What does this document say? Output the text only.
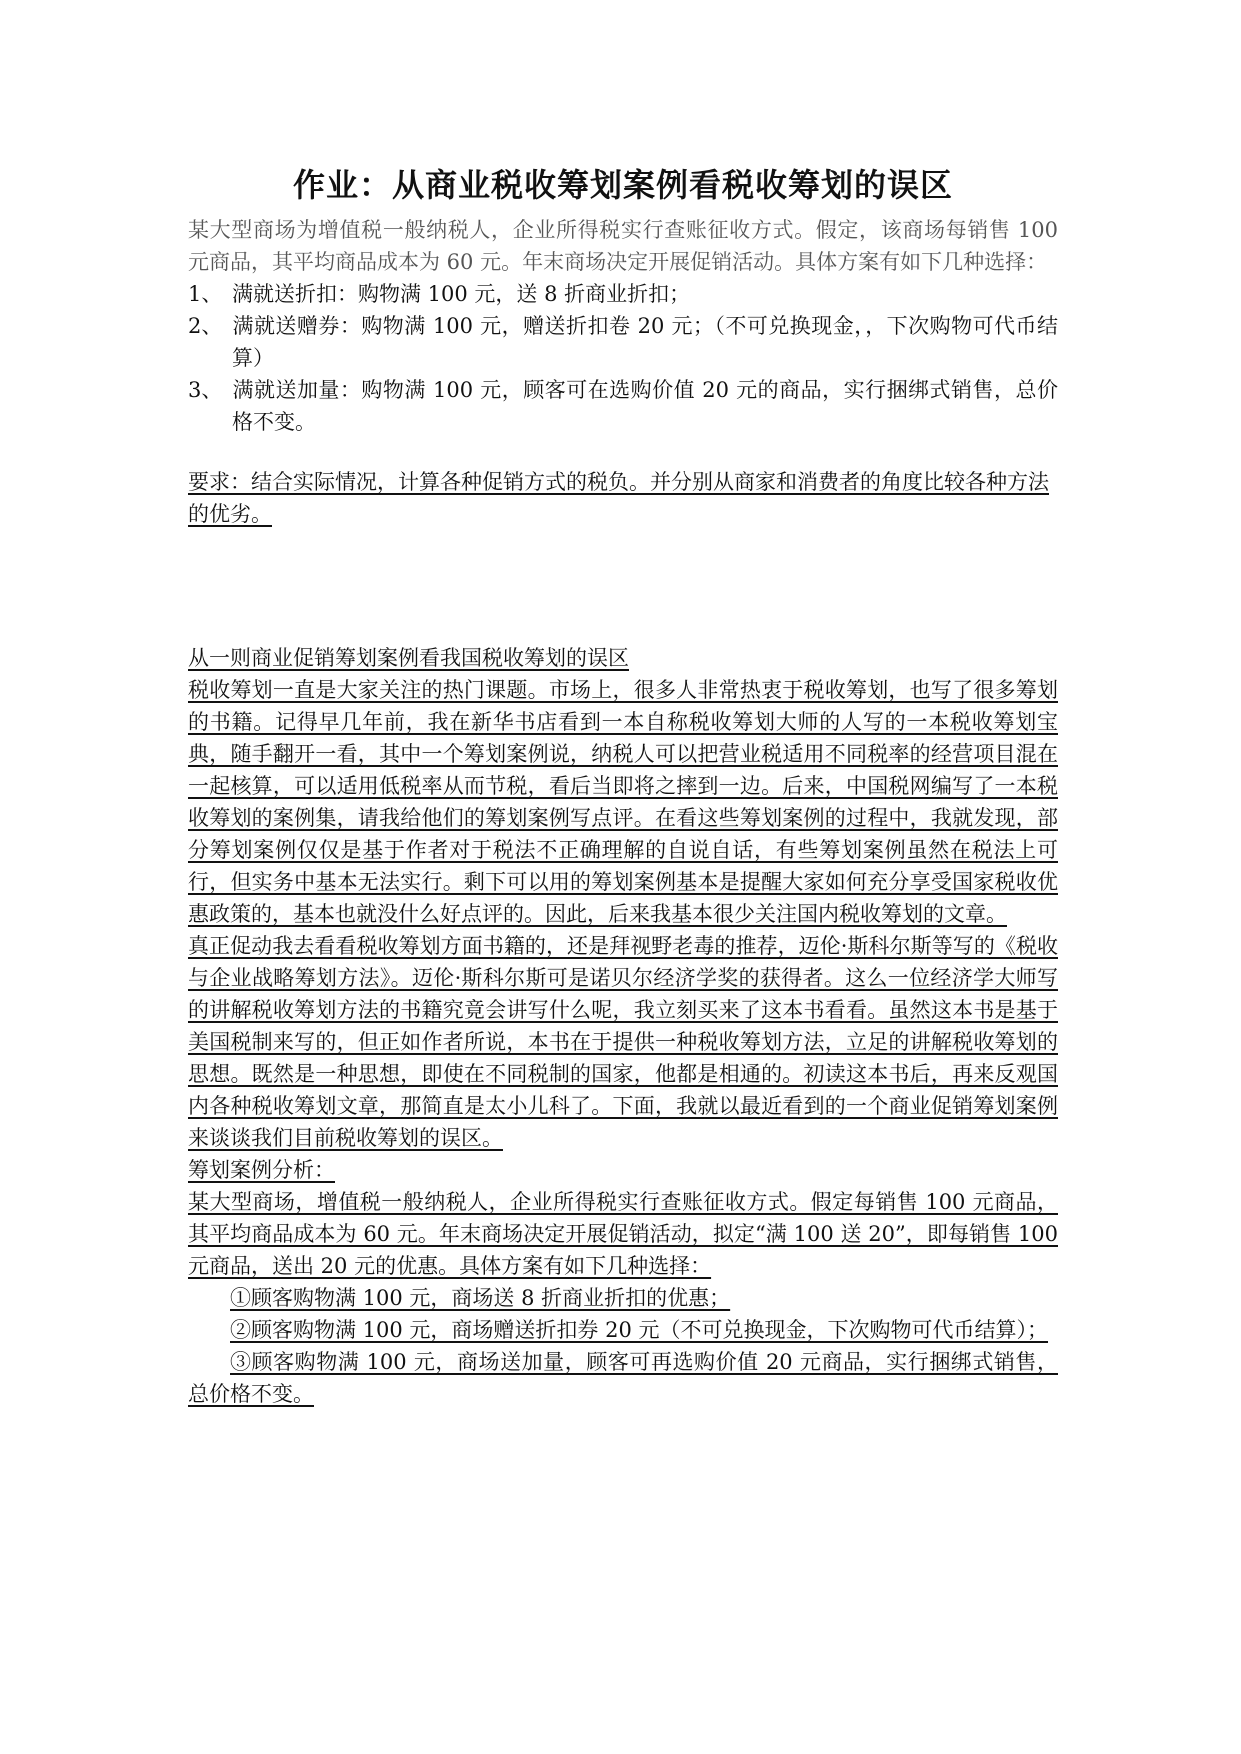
作业：从商业税收筹划案例看税收筹划的误区

某大型商场为增值税一般纳税人，企业所得税实行查账征收方式。假定，该商场每销售 100 元商品，其平均商品成本为 60 元。年末商场决定开展促销活动。具体方案有如下几种选择：

1、 满就送折扣：购物满 100 元，送 8 折商业折扣；
2、 满就送赠券：购物满 100 元，赠送折扣卷 20 元；（不可兑换现金，，下次购物可代币结算）
3、 满就送加量：购物满 100 元，顾客可在选购价值 20 元的商品，实行捆绑式销售，总价格不变。
要求：结合实际情况，计算各种促销方式的税负。并分别从商家和消费者的角度比较各种方法的优劣。
从一则商业促销筹划案例看我国税收筹划的误区

税收筹划一直是大家关注的热门课题。市场上，很多人非常热衷于税收筹划，也写了很多筹划的书籍。记得早几年前，我在新华书店看到一本自称税收筹划大师的人写的一本税收筹划宝典，随手翻开一看，其中一个筹划案例说，纳税人可以把营业税适用不同税率的经营项目混在一起核算，可以适用低税率从而节税，看后当即将之摔到一边。后来，中国税网编写了一本税收筹划的案例集，请我给他们的筹划案例写点评。在看这些筹划案例的过程中，我就发现，部分筹划案例仅仅是基于作者对于税法不正确理解的自说自话，有些筹划案例虽然在税法上可行，但实务中基本无法实行。剩下可以用的筹划案例基本是提醒大家如何充分享受国家税收优惠政策的，基本也就没什么好点评的。因此，后来我基本很少关注国内税收筹划的文章。

真正促动我去看看税收筹划方面书籍的，还是拜视野老毒的推荐，迈伦·斯科尔斯等写的《税收与企业战略筹划方法》。迈伦·斯科尔斯可是诺贝尔经济学奖的获得者。这么一位经济学大师写的讲解税收筹划方法的书籍究竟会讲写什么呢，我立刻买来了这本书看看。虽然这本书是基于美国税制来写的，但正如作者所说，本书在于提供一种税收筹划方法，立足的讲解税收筹划的思想。既然是一种思想，即使在不同税制的国家，他都是相通的。初读这本书后，再来反观国内各种税收筹划文章，那简直是太小儿科了。下面，我就以最近看到的一个商业促销筹划案例来谈谈我们目前税收筹划的误区。

筹划案例分析：

某大型商场，增值税一般纳税人，企业所得税实行查账征收方式。假定每销售 100 元商品，其平均商品成本为 60 元。年末商场决定开展促销活动，拟定“满 100 送 20”，即每销售 100 元商品，送出 20 元的优惠。具体方案有如下几种选择：

①顾客购物满 100 元，商场送 8 折商业折扣的优惠；

②顾客购物满 100 元，商场赠送折扣券 20 元（不可兑换现金，下次购物可代币结算）；

③顾客购物满 100 元，商场送加量，顾客可再选购价值 20 元商品，实行捆绑式销售，总价格不变。
